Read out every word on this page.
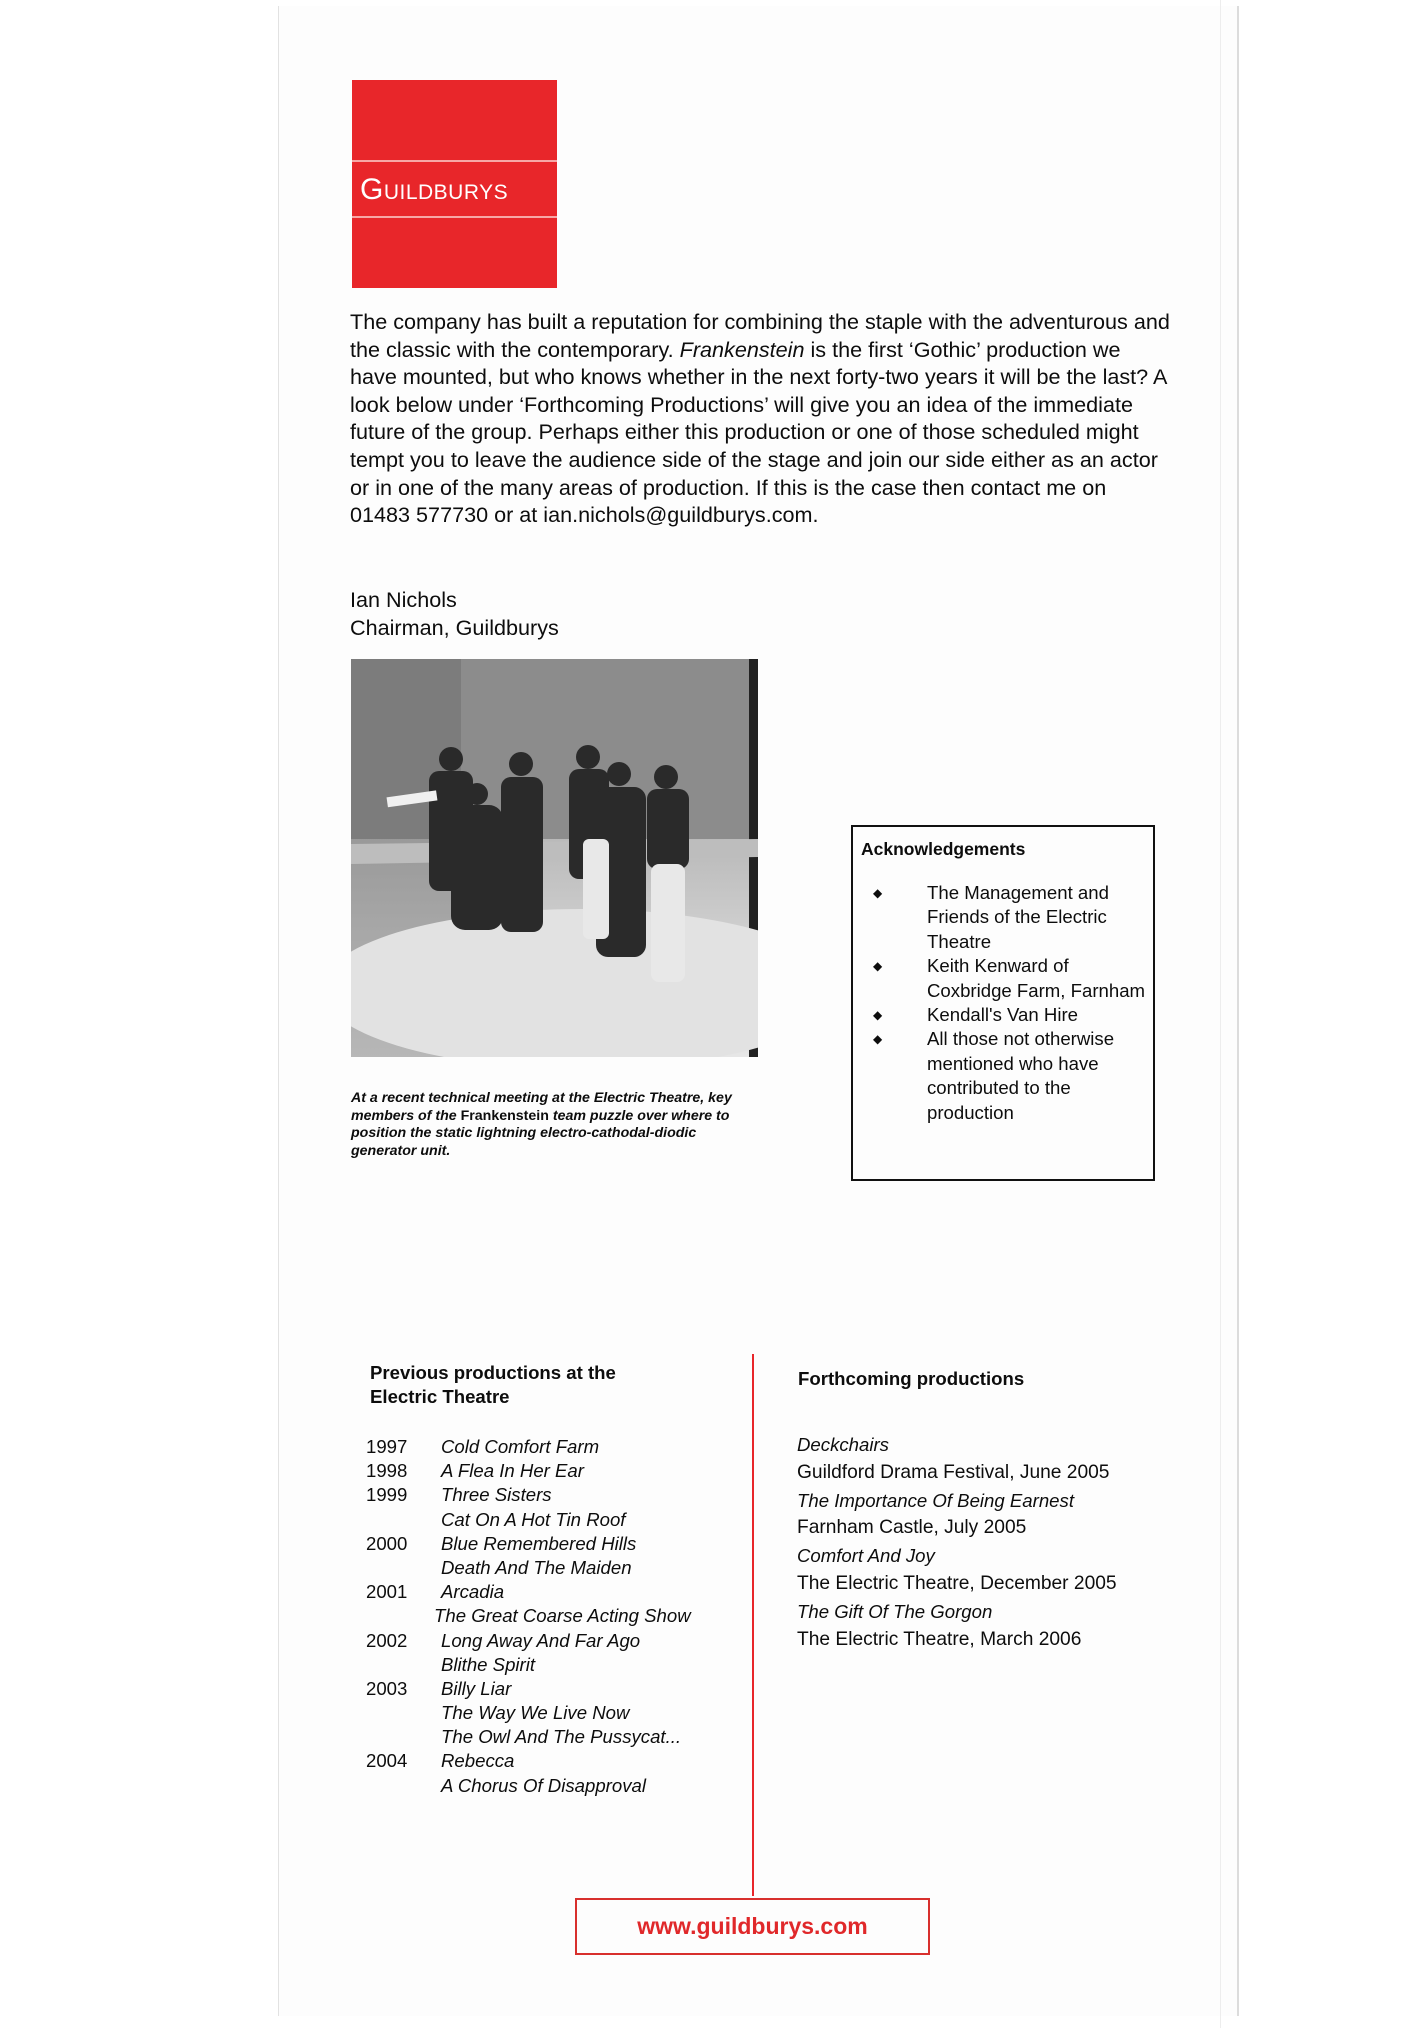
Guildburys

The company has built a reputation for combining the staple with the adventurous and the classic with the contemporary. Frankenstein is the first ‘Gothic’ production we have mounted, but who knows whether in the next forty-two years it will be the last? A look below under ‘Forthcoming Productions’ will give you an idea of the immediate future of the group. Perhaps either this production or one of those scheduled might tempt you to leave the audience side of the stage and join our side either as an actor or in one of the many areas of production. If this is the case then contact me on 01483 577730 or at ian.nichols@guildburys.com.

Ian Nichols
Chairman, Guildburys

At a recent technical meeting at the Electric Theatre, key members of the Frankenstein team puzzle over where to position the static lightning electro-cathodal-diodic generator unit.

Acknowledgements
◆ The Management and Friends of the Electric Theatre
◆ Keith Kenward of Coxbridge Farm, Farnham
◆ Kendall's Van Hire
◆ All those not otherwise mentioned who have contributed to the production
Previous productions at the Electric Theatre
1997	Cold Comfort Farm
1998	A Flea In Her Ear
1999	Three Sisters
Cat On A Hot Tin Roof
2000	Blue Remembered Hills
Death And The Maiden
2001	Arcadia
The Great Coarse Acting Show
2002	Long Away And Far Ago
Blithe Spirit
2003	Billy Liar
The Way We Live Now
The Owl And The Pussycat...
2004	Rebecca
A Chorus Of Disapproval
Forthcoming productions
Deckchairs
Guildford Drama Festival, June 2005
The Importance Of Being Earnest
Farnham Castle, July 2005
Comfort And Joy
The Electric Theatre, December 2005
The Gift Of The Gorgon
The Electric Theatre, March 2006
www.guildburys.com
